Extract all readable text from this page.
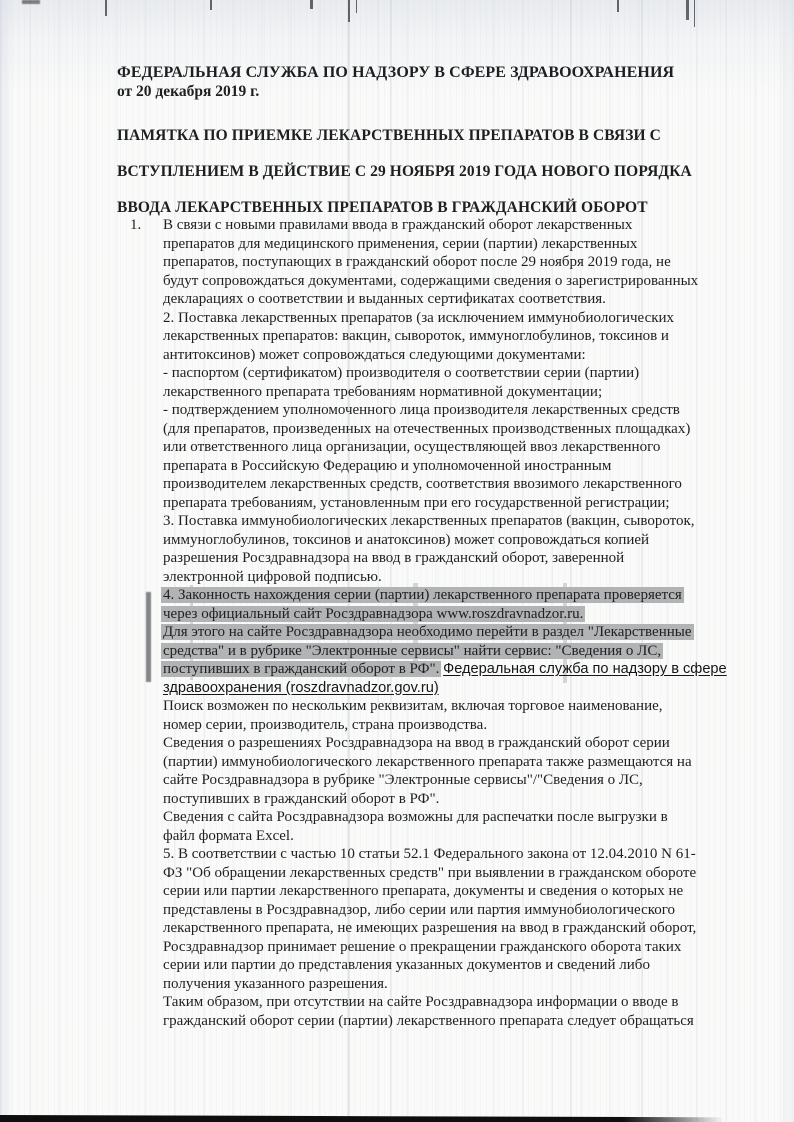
ФЕДЕРАЛЬНАЯ СЛУЖБА ПО НАДЗОРУ В СФЕРЕ ЗДРАВООХРАНЕНИЯ
от 20 декабря 2019 г.
ПАМЯТКА ПО ПРИЕМКЕ ЛЕКАРСТВЕННЫХ ПРЕПАРАТОВ В СВЯЗИ С
ВСТУПЛЕНИЕМ В ДЕЙСТВИЕ С 29 НОЯБРЯ 2019 ГОДА НОВОГО ПОРЯДКА
ВВОДА ЛЕКАРСТВЕННЫХ ПРЕПАРАТОВ В ГРАЖДАНСКИЙ ОБОРОТ
1. В связи с новыми правилами ввода в гражданский оборот лекарственных
препаратов для медицинского применения, серии (партии) лекарственных
препаратов, поступающих в гражданский оборот после 29 ноября 2019 года, не
будут сопровождаться документами, содержащими сведения о зарегистрированных
декларациях о соответствии и выданных сертификатах соответствия.
2. Поставка лекарственных препаратов (за исключением иммунобиологических
лекарственных препаратов: вакцин, сывороток, иммуноглобулинов, токсинов и
антитоксинов) может сопровождаться следующими документами:
- паспортом (сертификатом) производителя о соответствии серии (партии)
лекарственного препарата требованиям нормативной документации;
- подтверждением уполномоченного лица производителя лекарственных средств
(для препаратов, произведенных на отечественных производственных площадках)
или ответственного лица организации, осуществляющей ввоз лекарственного
препарата в Российскую Федерацию и уполномоченной иностранным
производителем лекарственных средств, соответствия ввозимого лекарственного
препарата требованиям, установленным при его государственной регистрации;
3. Поставка иммунобиологических лекарственных препаратов (вакцин, сывороток,
иммуноглобулинов, токсинов и анатоксинов) может сопровождаться копией
разрешения Росздравнадзора на ввод в гражданский оборот, заверенной
электронной цифровой подписью.
4. Законность нахождения серии (партии) лекарственного препарата проверяется
через официальный сайт Росздравнадзора www.roszdravnadzor.ru.
Для этого на сайте Росздравнадзора необходимо перейти в раздел "Лекарственные
средства" и в рубрике "Электронные сервисы" найти сервис: "Сведения о ЛС,
поступивших в гражданский оборот в РФ". Федеральная служба по надзору в сфере
здравоохранения (roszdravnadzor.gov.ru)
Поиск возможен по нескольким реквизитам, включая торговое наименование,
номер серии, производитель, страна производства.
Сведения о разрешениях Росздравнадзора на ввод в гражданский оборот серии
(партии) иммунобиологического лекарственного препарата также размещаются на
сайте Росздравнадзора в рубрике "Электронные сервисы"/"Сведения о ЛС,
поступивших в гражданский оборот в РФ".
Сведения с сайта Росздравнадзора возможны для распечатки после выгрузки в
файл формата Excel.
5. В соответствии с частью 10 статьи 52.1 Федерального закона от 12.04.2010 N 61-
ФЗ "Об обращении лекарственных средств" при выявлении в гражданском обороте
серии или партии лекарственного препарата, документы и сведения о которых не
представлены в Росздравнадзор, либо серии или партия иммунобиологического
лекарственного препарата, не имеющих разрешения на ввод в гражданский оборот,
Росздравнадзор принимает решение о прекращении гражданского оборота таких
серии или партии до представления указанных документов и сведений либо
получения указанного разрешения.
Таким образом, при отсутствии на сайте Росздравнадзора информации о вводе в
гражданский оборот серии (партии) лекарственного препарата следует обращаться
